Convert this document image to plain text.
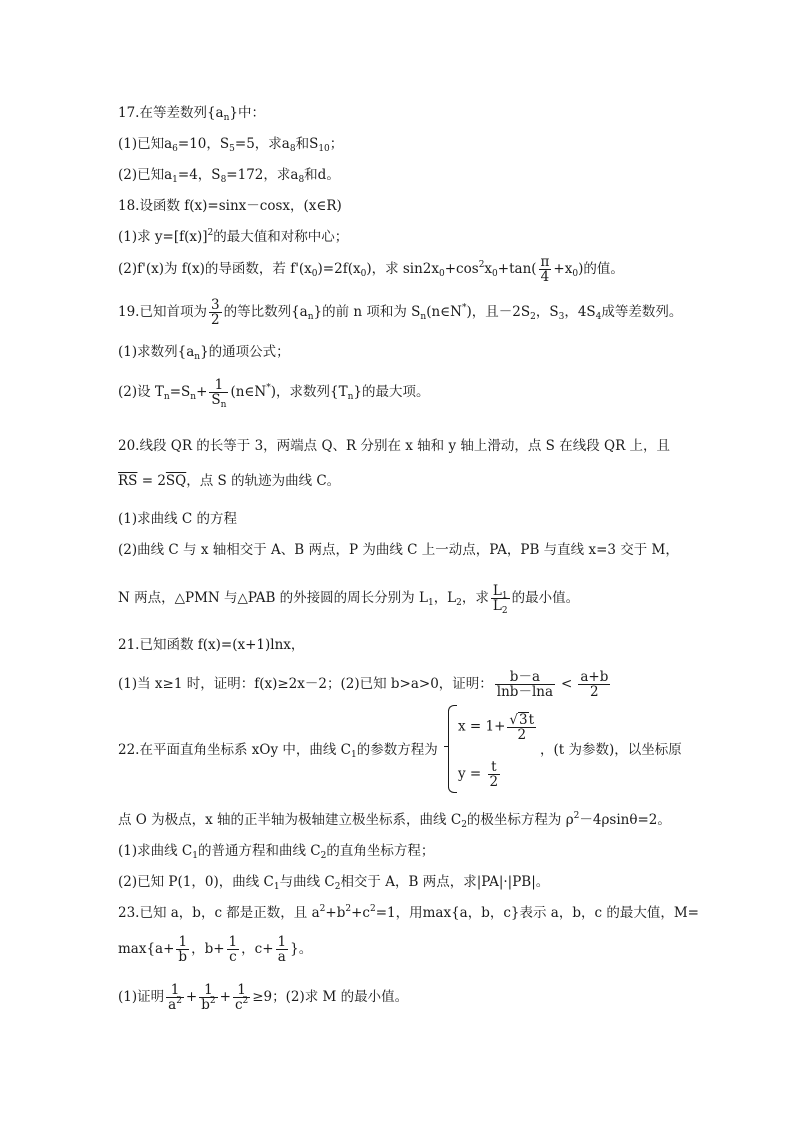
17.在等差数列$\{a_n\}$中：
(1)已知$a_6=10$，$S_5=5$，求$a_8$和$S_{10}$；
(2)已知$a_1=4$，$S_8=172$，求$a_8$和d。
18.设函数 f(x)=sinx－cosx，(x∈R)
(1)求 $y=[f(x)]^2$的最大值和对称中心；
(2)f'(x)为 f(x)的导函数，若 $f'(x_0)=2f(x_0)$，求 $\sin 2x_0+\cos^2x_0+\tan( \frac{\pi}{4} +x_0)$的值。
19.已知首项为 $\frac{3}{2}$ 的等比数列$\{a_n\}$的前 n 项和为 $S_n(n\in N^*)$，且$-2S_2$，$S_3$，$4S_4$成等差数列。
(1)求数列$\{a_n\}$的通项公式；
(2)设 $T_n=S_n+ \frac{1}{S_n}$ (n∈N*)，求数列$\{T_n\}$的最大项。
20.线段 QR 的长等于 3，两端点 Q、R 分别在 x 轴和 y 轴上滑动，点 S 在线段 QR 上，且
$\overline{RS} = 2\overline{SQ}$，点 S 的轨迹为曲线 C。
(1)求曲线 C 的方程
(2)曲线 C 与 x 轴相交于 A、B 两点，P 为曲线 C 上一动点，PA，PB 与直线 x=3 交于 M，
N 两点，△PMN 与△PAB 的外接圆的周长分别为 $L_1$，$L_2$，求 $\frac{L_1}{L_2}$ 的最小值。
21.已知函数 f(x)=(x+1)lnx，
(1)当 x≥1 时，证明：f(x)≥2x－2；(2)已知 b>a>0，证明： $\frac{b-a}{\ln b-\ln a} < \frac{a+b}{2}$
22.在平面直角坐标系 xOy 中，曲线 $C_1$的参数方程为
$x = 1+ \frac{√3t}{2}$
$y = \frac{t}{2}$
，(t 为参数)，以坐标原
点 O 为极点，x 轴的正半轴为极轴建立极坐标系，曲线 $C_2$的极坐标方程为 $\rho^2-4\rho\sin\theta=2$。
(1)求曲线 $C_1$的普通方程和曲线 $C_2$的直角坐标方程；
(2)已知 P(1，0)，曲线 $C_1$与曲线 $C_2$相交于 A，B 两点，求|PA|·|PB|。
23.已知 a，b，c 都是正数，且 $a^2+b^2+c^2=1$，用max{a，b，c}表示 a，b，c 的最大值，M=
$\max\{a+ \frac{1}{b}$ ，$b+ \frac{1}{c}$ ，$c+ \frac{1}{a}$ }。
(1)证明 $\frac{1}{a^2} + \frac{1}{b^2} + \frac{1}{c^2} \ge 9$；(2)求 M 的最小值。
